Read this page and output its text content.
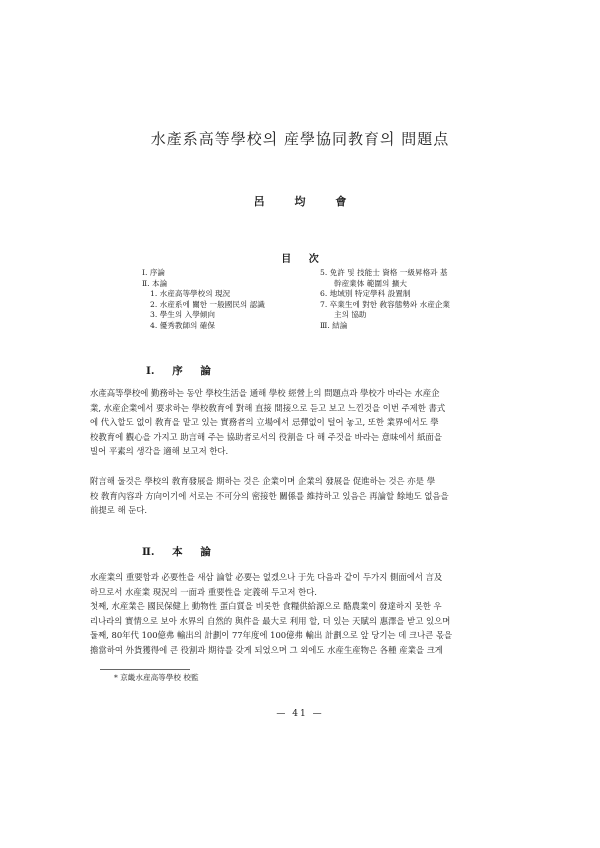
水產系高等學校의 産學協同教育의 問題点
呂 均 會
目 次
Ⅰ. 序論
Ⅱ. 本論
1. 水産高等學校의 現況
2. 水産系에 關한 一般國民의 認識
3. 學生의 入學傾向
4. 優秀教師의 確保
5. 免許 및 技能士 資格 一級昇格과 基
幹産業体 範圍의 擴大
6. 地域別 特定學科 設置制
7. 卒業生에 對한 敎容態勢와 水産企業
主의 協助
Ⅲ. 結論
Ⅰ. 序 論
水產高等學校에 勤務하는 동안 學校生活을 通해 學校 經營上의 問題点과 學校가 바라는 水産企
業, 水産企業에서 要求하는 學校敎育에 對해 直接 間接으로 듣고 보고 느낀것을 이번 주제한 書式
에 代入할도 없이 敎育을 맡고 있는 實務者의 立場에서 忌彈없이 털어 놓고, 또한 業界에서도 學
校教育에 觀心을 가지고 助言해 주는 協助者로서의 役割을 다 해 주것을 바라는 意味에서 紙面을
빌어 平素의 생각을 適해 보고저 한다.
附言해 둘것은 學校의 敎育發展을 期하는 것은 企業이며 企業의 發展을 促進하는 것은 亦是 學
校 敎育內容과 方向이기에 서로는 不可分의 密接한 關係를 維持하고 있음은 再論할 餘地도 없음을
前提로 해 둔다.
Ⅱ. 本 論
水産業의 重要함과 必要性을 새삼 論할 必要는 없겠으나 于先 다음과 같이 두가지 側面에서 言及
하므로서 水産業 現況의 一面과 重要性을 定義해 두고저 한다.
첫째, 水産業은 國民保健上 動物性 蛋白質을 비롯한 食糧供給源으로 酪農業이 發達하지 못한 우
리나라의 實情으로 보아 水界의 自然的 與件을 最大로 利用 할, 더 있는 天賦의 惠澤을 받고 있으며
둘째, 80年代 100億弗 輸出의 計劃이 77年度에 100億弗 輸出 計劃으로 앞 당기는 데 크나큰 몫을
擔當하여 外貨獲得에 큰 役割과 期待를 갖게 되었으며 그 외에도 水産生産物은 各種 産業을 크게
* 京畿水産高等學校 校監
— 41 —
